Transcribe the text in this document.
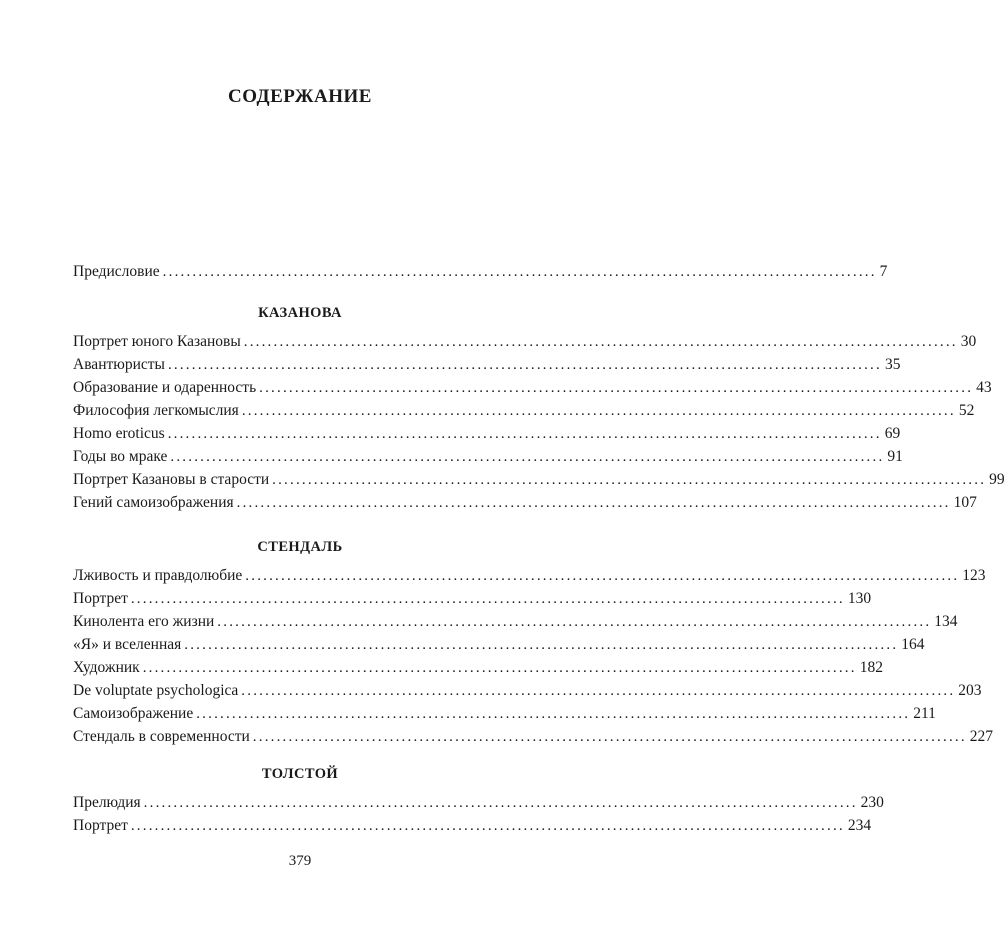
СОДЕРЖАНИЕ
Предисловие ........................................................................................................................ 7
КАЗАНОВА
Портрет юного Казановы ........................................................................................................................ 30
Авантюристы ........................................................................................................................ 35
Образование и одаренность ........................................................................................................................ 43
Философия легкомыслия ........................................................................................................................ 52
Homo eroticus ........................................................................................................................ 69
Годы во мраке ........................................................................................................................ 91
Портрет Казановы в старости ........................................................................................................................ 99
Гений самоизображения ........................................................................................................................ 107
СТЕНДАЛЬ
Лживость и правдолюбие ........................................................................................................................ 123
Портрет ........................................................................................................................ 130
Кинолента его жизни ........................................................................................................................ 134
«Я» и вселенная ........................................................................................................................ 164
Художник ........................................................................................................................ 182
De voluptate psychologica ........................................................................................................................ 203
Самоизображение ........................................................................................................................ 211
Стендаль в современности ........................................................................................................................ 227
ТОЛСТОЙ
Прелюдия ........................................................................................................................ 230
Портрет ........................................................................................................................ 234
379
